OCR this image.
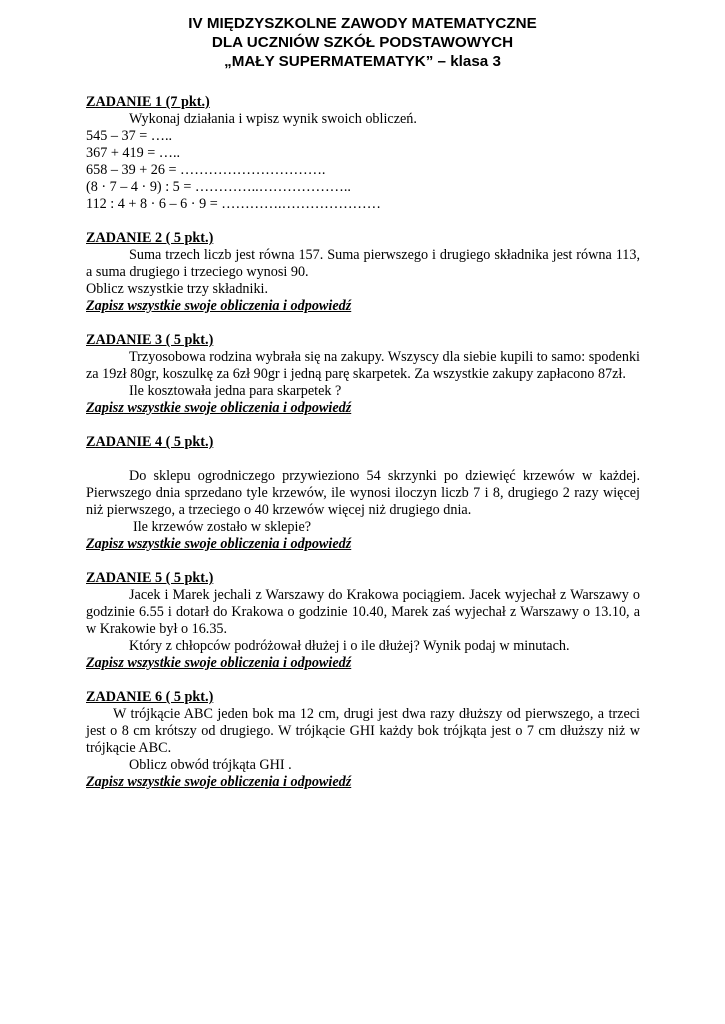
IV MIĘDZYSZKOLNE ZAWODY MATEMATYCZNE
DLA UCZNIÓW SZKÓŁ PODSTAWOWYCH
„MAŁY SUPERMATEMATYK” – klasa 3
ZADANIE 1 (7 pkt.)
Wykonaj działania i wpisz wynik swoich obliczeń.
545 – 37 = …..
367 + 419 = …..
658 – 39 + 26 = ………………………….
(8 · 7 – 4 · 9) : 5 = …………..………………..
112 : 4 + 8 · 6 – 6 · 9 = ………….…………………
ZADANIE 2 ( 5 pkt.)
Suma trzech liczb jest równa 157. Suma pierwszego i drugiego składnika jest równa 113, a suma drugiego i trzeciego wynosi 90.
Oblicz wszystkie trzy składniki.
Zapisz wszystkie swoje obliczenia i odpowiedź
ZADANIE 3 ( 5 pkt.)
Trzyosobowa rodzina wybrała się na zakupy. Wszyscy dla siebie kupili to samo: spodenki za 19zł 80gr, koszulkę za 6zł 90gr i jedną parę skarpetek. Za wszystkie zakupy zapłacono 87zł.
Ile kosztowała jedna para skarpetek ?
Zapisz wszystkie swoje obliczenia i odpowiedź
ZADANIE 4 ( 5 pkt.)
Do sklepu ogrodniczego przywieziono 54 skrzynki po dziewięć krzewów w każdej. Pierwszego dnia sprzedano tyle krzewów, ile wynosi iloczyn liczb 7 i 8, drugiego 2 razy więcej niż pierwszego, a trzeciego o 40 krzewów więcej niż drugiego dnia.
Ile krzewów zostało w sklepie?
Zapisz wszystkie swoje obliczenia i odpowiedź
ZADANIE 5 ( 5 pkt.)
Jacek i Marek jechali z Warszawy do Krakowa pociągiem. Jacek wyjechał z Warszawy o godzinie 6.55 i dotarł do Krakowa o godzinie 10.40, Marek zaś wyjechał z Warszawy o 13.10, a w Krakowie był o 16.35.
Który z chłopców podróżował dłużej i o ile dłużej? Wynik podaj w minutach.
Zapisz wszystkie swoje obliczenia i odpowiedź
ZADANIE 6 ( 5 pkt.)
W trójkącie ABC jeden bok ma 12 cm, drugi jest dwa razy dłuższy od pierwszego, a trzeci jest o 8 cm krótszy od drugiego. W trójkącie GHI każdy bok trójkąta jest o 7 cm dłuższy niż w trójkącie ABC.
Oblicz obwód trójkąta GHI .
Zapisz wszystkie swoje obliczenia i odpowiedź
